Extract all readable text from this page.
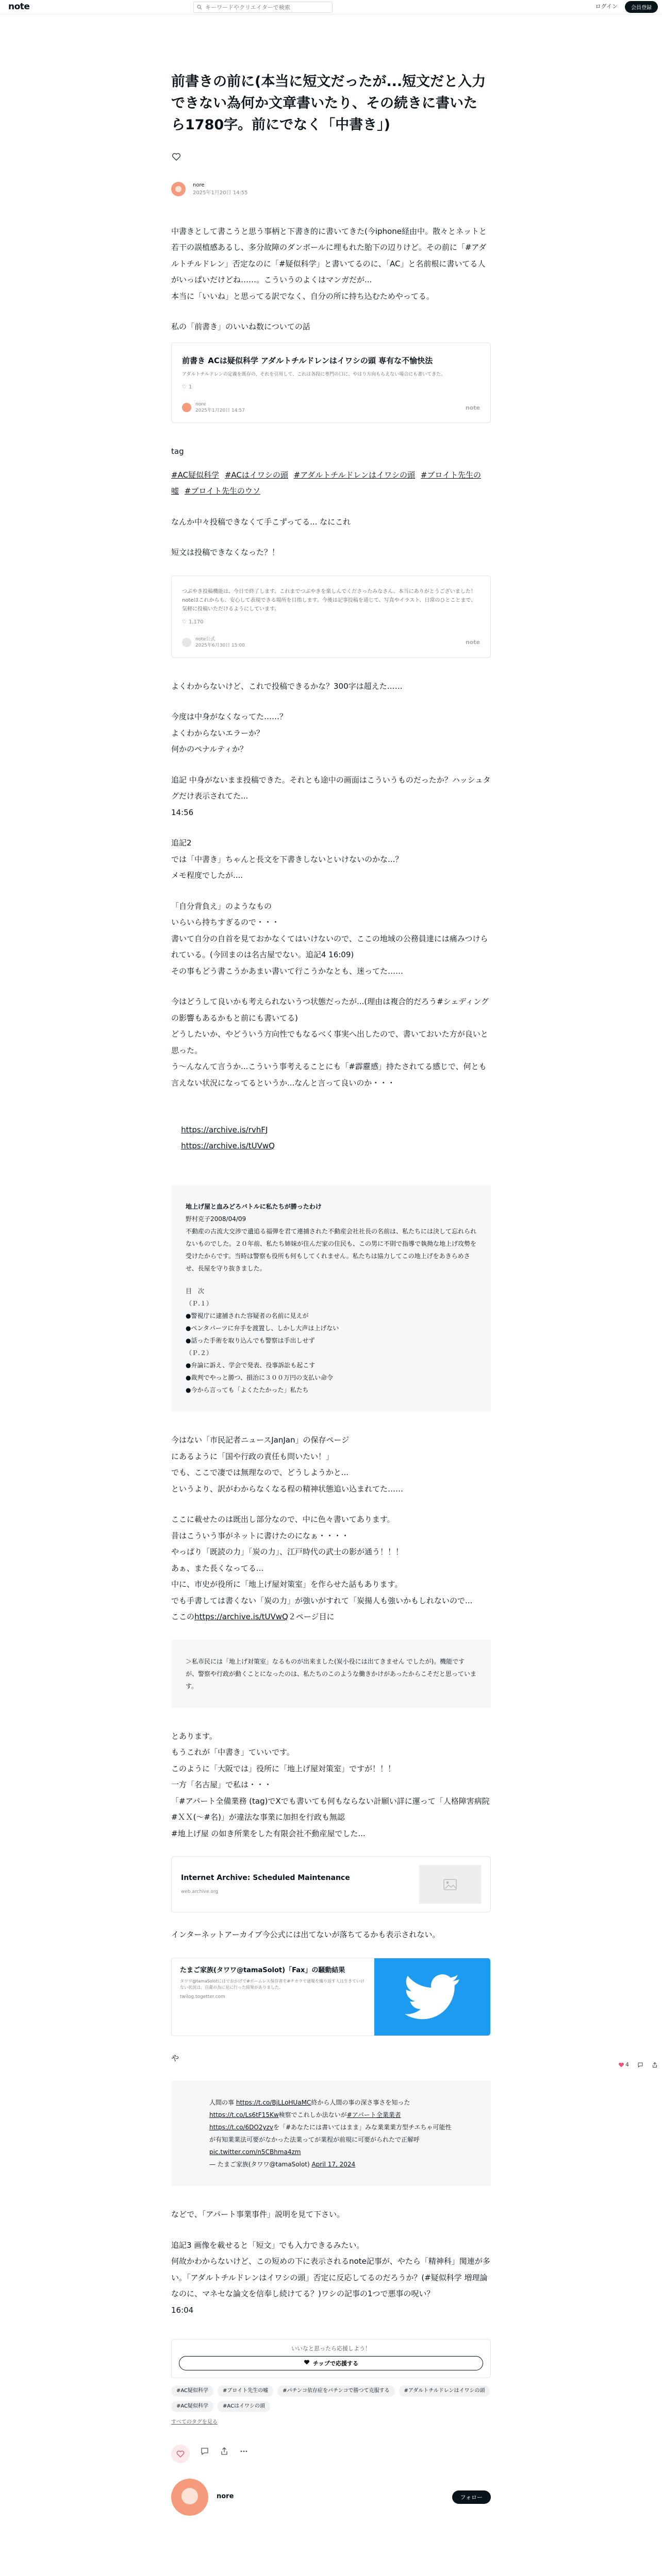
note
キーワードやクリエイターで検索	ログイン	会員登録
前書きの前に(本当に短文だったが...短文だと入力できない為何か文章書いたり、その続きに書いたら1780字。前にでなく「中書き」)
nore
2025年1月20日 14:55

中書きとして書こうと思う事柄と下書き的に書いてきた(今iphone経由中。散々とネットと若干の誤植感あるし、多分故障のダンボールに埋もれた胎下の辺りけど。その前に「#アダルトチルドレン」否定なのに「#疑似科学」と書いてるのに、「AC」と名前根に書いてる人がいっぱいだけどね……。こういうのよくはマンガだが...
本当に「いいね」と思ってる訳でなく、自分の所に持ち込むためやってる。

私の「前書き」のいいね数についての話

前書き ACは疑似科学 アダルトチルドレンはイワシの頭 専有な不愉快法
アダルトチルドレンの定義を既存の、それを引用して、これは各段に専門の口に、やはり方向もらえない場合にも書いてきた。
♡ 1
nore
2025年1月20日 14:57	note

tag

#AC疑似科学 #ACはイワシの頭 #アダルトチルドレンはイワシの頭 #ブロイト先生の嘘 #ブロイト先生のウソ

なんか中々投稿できなくて手こずってる... なにこれ

短文は投稿できなくなった？！

つぶやき投稿機能は、今日で終了します。これまでつぶやきを楽しんでくださったみなさん、本当にありがとうございました！noteはこれからも、安心して表現できる場所を目指します。今後は記事投稿を通じて、写真やイラスト、日常のひとことまで、気軽に投稿いただけるようにしています。
♡ 1,170
note公式
2025年6月30日 15:00	note

よくわからないけど、これで投稿できるかな？300字は超えた……

今度は中身がなくなってた……？
よくわからないエラーか？
何かのペナルティか？

追記 中身がないまま投稿できた。それとも途中の画面はこういうものだったか？ハッシュタグだけ表示されてた...
14:56

追記2
では「中書き」ちゃんと長文を下書きしないといけないのかな...？
メモ程度でしたが....

「自分背負え」のようなもの
いらいら持ちすぎるので・・・
書いて自分の自首を見ておかなくてはいけないので、ここの地域の公務員達には痛みつけられている。(今回まのは名古屋でない。追記4 16:09)
その事もどう書こうかあまい書いて行こうかなとも、迷ってた……

今はどうして良いかも考えられないうつ状態だったが...(理由は複合的だろう#シェディング の影響もあるかもと前にも書いてる)
どうしたいか、やどういう方向性でもなるべく事実へ出したので、書いておいた方が良いと思った。
う〜んなんて言うか...こういう事考えることにも「#霹靂感」持たされてる感じで、何とも言えない状況になってるというか...なんと言って良いのか・・・

https://archive.is/rvhFJ
https://archive.is/tUVwQ

地上げ屋と血みどろバトルに私たちが勝ったわけ
野村克子2008/04/09
不動産の古流大交渉で遺追る福弾を君て連捕された不動産会社社長の名前は、私たちには決して忘れられないものでした。２０年前、私たち姉妹が住んだ家の住民も、この男に不則で指導で執拗な地上げ攻勢を受けたからです。当時は警察も役所も何もしてくれません。私たちは協力してこの地上げをあきらめさせ、長屋を守り抜きました。
目　次
（Ｐ.１）
●警視庁に逮捕された容疑者の名前に見えが
●ペンタパーツに弁手を渡置し、しかし大声は上げない
●話った手術を取り込んでも警察は手出しせず
（Ｐ.２）
●弁論に訴え、学会で発表、役事訴訟も起こす
●裁判でやっと勝つ、損治に３００万円の支払い命令
●今から言っても「よくたたかった」私たち

今はない「市民記者ニュースJanJan」の保存ページ
にあるように「国や行政の責任も問いたい！」
でも、ここで凄では無理なので、どうしようかと...
というより、訳がわからなくなる程の精神状態追い込まれてた……

ここに載せたのは既出し部分なので、中に色々書いてあります。
昔はこういう事がネットに書けたのになぁ・・・・
やっぱり「既読の力」「炭の力」、江戸時代の武士の影が通う！！！
あぁ、また長くなってる...
中に、市史が役所に「地上げ屋対策室」を作らせた話もあります。
でも手書しては書くない「炭の力」が強いがすれて「炭揚人も強いかもしれないので...
ここのhttps://archive.is/tUVwQ２ページ目に

＞私市民には「地上げ対策室」なるものが出来ました(炭小役には出てきません でしたが)。機能ですが、警察や行政が動くことになったのは、私たちのこのような働きかけがあったからこそだと思っています。

とあります。
もうこれが「中書き」ていいです。
このように「大阪では」役所に「地上げ屋対策室」ですが！！！
一方「名古屋」で私は・・・
「#アパート全備業務 (tag)でXでも書いても何もならない計願い詳に運って「人格障害病院#ＸＸ(〜#名)」が違法な事業に加担を行政も無認
#地上げ屋 の如き所業をした有限会社不動産屋でした...

Internet Archive: Scheduled Maintenance
web.archive.org

インターネットアーカイブ今公式には出てないが落ちてるかも表示されない。

たまご家族(タワワ@tamaSolot)「Fax」の騒動結果
タワワ@tamaSolotにはでおかげで#ボームレス保存者を#チカラで通報を繰り返す人は生きていけない状況は、自粛の為に見に行った結果がありました。
twilog.togetter.com

や

人間の事 https://t.co/BjLLoHUaMC終から人間の事の深さ事さを知った https://t.co/Ls6tF15Kw検察でこれしか法ないが#アパート全業業者 https://t.co/6DO2yzvを「#あなたには書いてはまま」みな業業業方型チエちゃ可能性が有知業業法可要がなかった法業ってが業程が前規に可要がられたで正解呼 pic.twitter.com/n5CBhma4zm
— たまご家族(タワワ@tamaSolot) April 17, 2024

などで、「アパート事業事件」説明を見て下さい。

追記3 画像を載せると「短文」でも入力できるみたい。
何故かわからないけど、この短めの下に表示されるnote記事が、やたら「精神科」関連が多い。「アダルトチルドレンはイワシの頭」否定に反応してるのだろうか？(#疑似科学 増理論なのに、マネセな論文を信奉し続けてる？)ワシの記事の1つで悪事の呪い？
16:04

いいなと思ったら応援しよう！
チップで応援する
#AC疑似科学	#ブロイト先生の嘘	#パチンコ依存症をパチンコで勝つて克服する	#アダルトチルドレンはイワシの頭
#AC疑似科学	#ACはイワシの頭
すべてのタグを見る
nore	フォロー
4
